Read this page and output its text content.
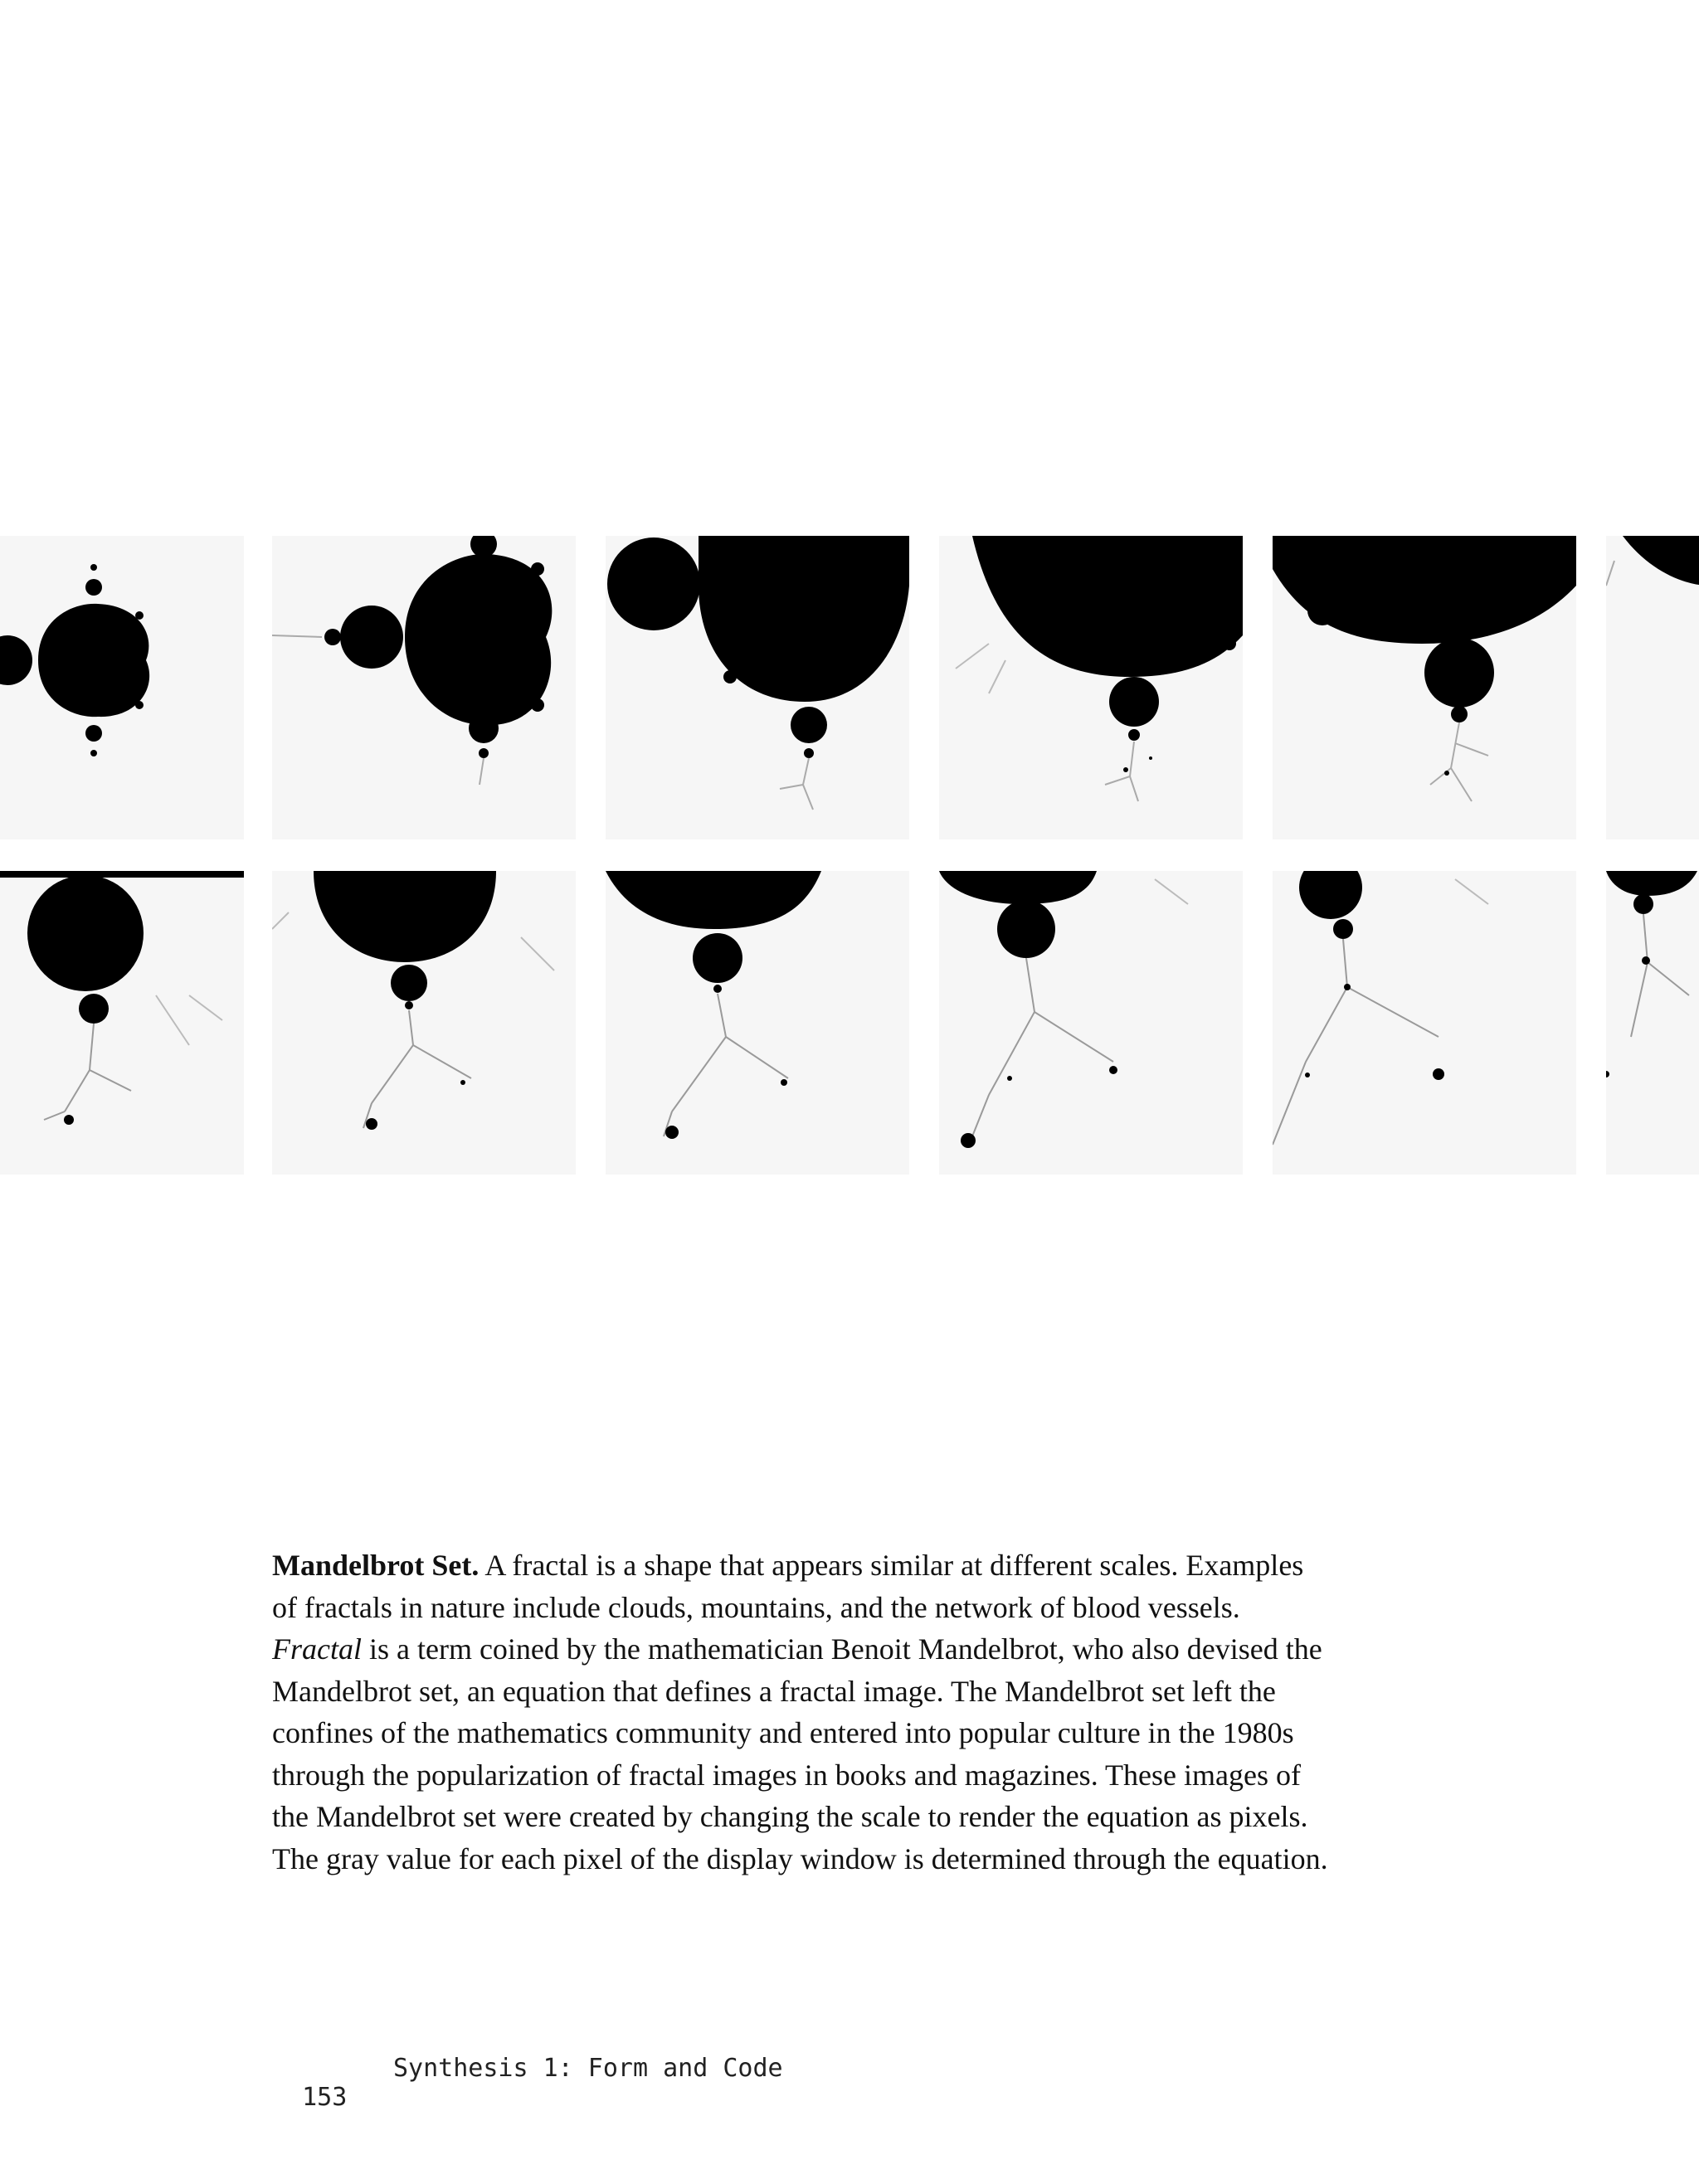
Mandelbrot Set. A fractal is a shape that appears similar at different scales. Examples
of fractals in nature include clouds, mountains, and the network of blood vessels.
Fractal is a term coined by the mathematician Benoit Mandelbrot, who also devised the
Mandelbrot set, an equation that defines a fractal image. The Mandelbrot set left the
confines of the mathematics community and entered into popular culture in the 1980s
through the popularization of fractal images in books and magazines. These images of
the Mandelbrot set were created by changing the scale to render the equation as pixels.
The gray value for each pixel of the display window is determined through the equation.

153

Synthesis 1: Form and Code
